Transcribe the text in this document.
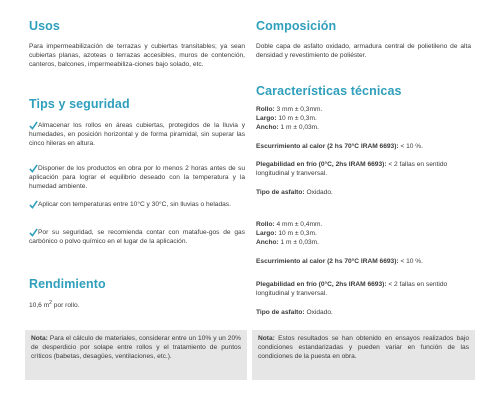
Usos
Para impermeabilización de terrazas y cubiertas transitables; ya sean cubiertas planas, azoteas o terrazas accesibles, muros de contención, canteros, balcones, impermeabiliza-ciones bajo solado, etc.
Tips y seguridad
Almacenar los rollos en áreas cubiertas, protegidos de la lluvia y humedades, en posición horizontal y de forma piramidal, sin superar las cinco hileras en altura.
Disponer de los productos en obra por lo menos 2 horas antes de su aplicación para lograr el equilibrio deseado con la temperatura y la humedad ambiente.
Aplicar con temperaturas entre 10°C y 30°C, sin lluvias o heladas.
Por su seguridad, se recomienda contar con matafue-gos de gas carbónico o polvo químico en el lugar de la aplicación.
Rendimiento
10,6 $m^2$ por rollo.
Composición
Doble capa de asfalto oxidado, armadura central de polietileno de alta densidad y revestimiento de poliéster.
Características técnicas
Rollo: 3 mm ± 0,3mm.
Largo: 10 m ± 0,3m.
Ancho: 1 m ± 0,03m.
Escurrimiento al calor (2 hs 70°C IRAM 6693): < 10 %.
Plegabilidad en frío (0°C, 2hs IRAM 6693): < 2 fallas en sentido longitudinal y tranversal.
Tipo de asfalto: Oxidado.
Rollo: 4 mm ± 0,4mm.
Largo: 10 m ± 0,3m.
Ancho: 1 m ± 0,03m.
Escurrimiento al calor (2 hs 70°C IRAM 6693): < 10 %.
Plegabilidad en frío (0°C, 2hs IRAM 6693): < 2 fallas en sentido longitudinal y tranversal.
Tipo de asfalto: Oxidado.
Nota: Para el cálculo de materiales, considerar entre un 10% y un 20% de desperdicio por solape entre rollos y el tratamiento de puntos críticos (babetas, desagües, ventilaciones, etc.).
Nota: Estos resultados se han obtenido en ensayos realizados bajo condiciones estandarizadas y pueden variar en función de las condiciones de la puesta en obra.
